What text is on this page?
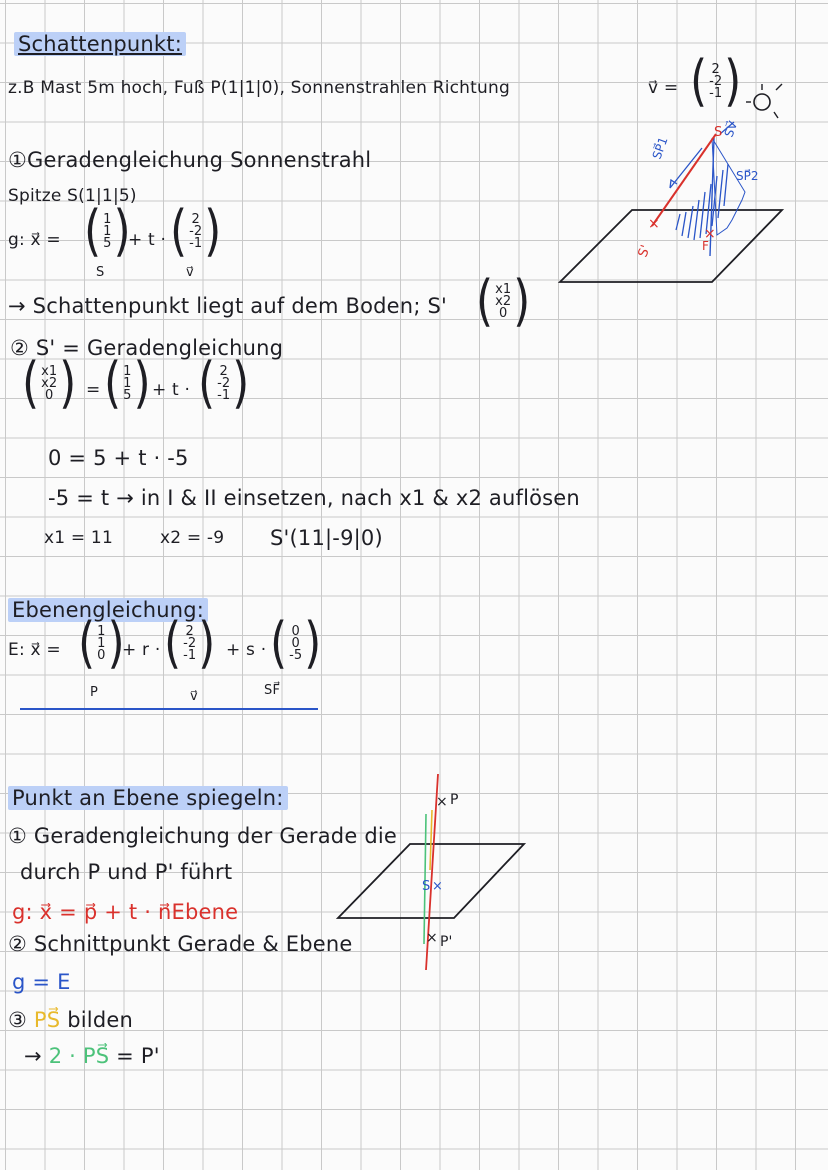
Schattenpunkt:
z.B Mast 5m hoch, Fuß P(1|1|0), Sonnenstrahlen Richtung	v⃗ = ( 2
-2
-1 )
①Geradengleichung Sonnenstrahl
Spitze S(1|1|5)
g: x⃗ = ( 1
1
5 )
+ t · ( 2
-2
-1 )
S	v⃗
→ Schattenpunkt liegt auf dem Boden; S' ( x1
x2
0 )
② S' = Geradengleichung
( x1
x2
0 ) = ( 1
1
5 ) + t · ( 2
-2
-1 )
0 = 5 + t ⋅ -5
-5 = t → in I & II einsetzen, nach x1 & x2 auflösen
x1 = 11	x2 = -9 S'(11|-9|0)
Ebenengleichung:
E: x⃗ = ( 1
1
0 )
+ r · ( 2
-2
-1 ) + s · ( 0
0
-5 )
P	v⃗	SF⃗
S
SP⃗1
SV⃗
SP⃗2
S'	F
×
×
Punkt an Ebene spiegeln:
① Geradengleichung der Gerade die
durch P und P' führt
g: x⃗ = p⃗ + t · n⃗Ebene
② Schnittpunkt Gerade & Ebene
g = E
③ PS⃗ bilden
→ 2 · PS⃗ = P'
× P
S ×
× P'
